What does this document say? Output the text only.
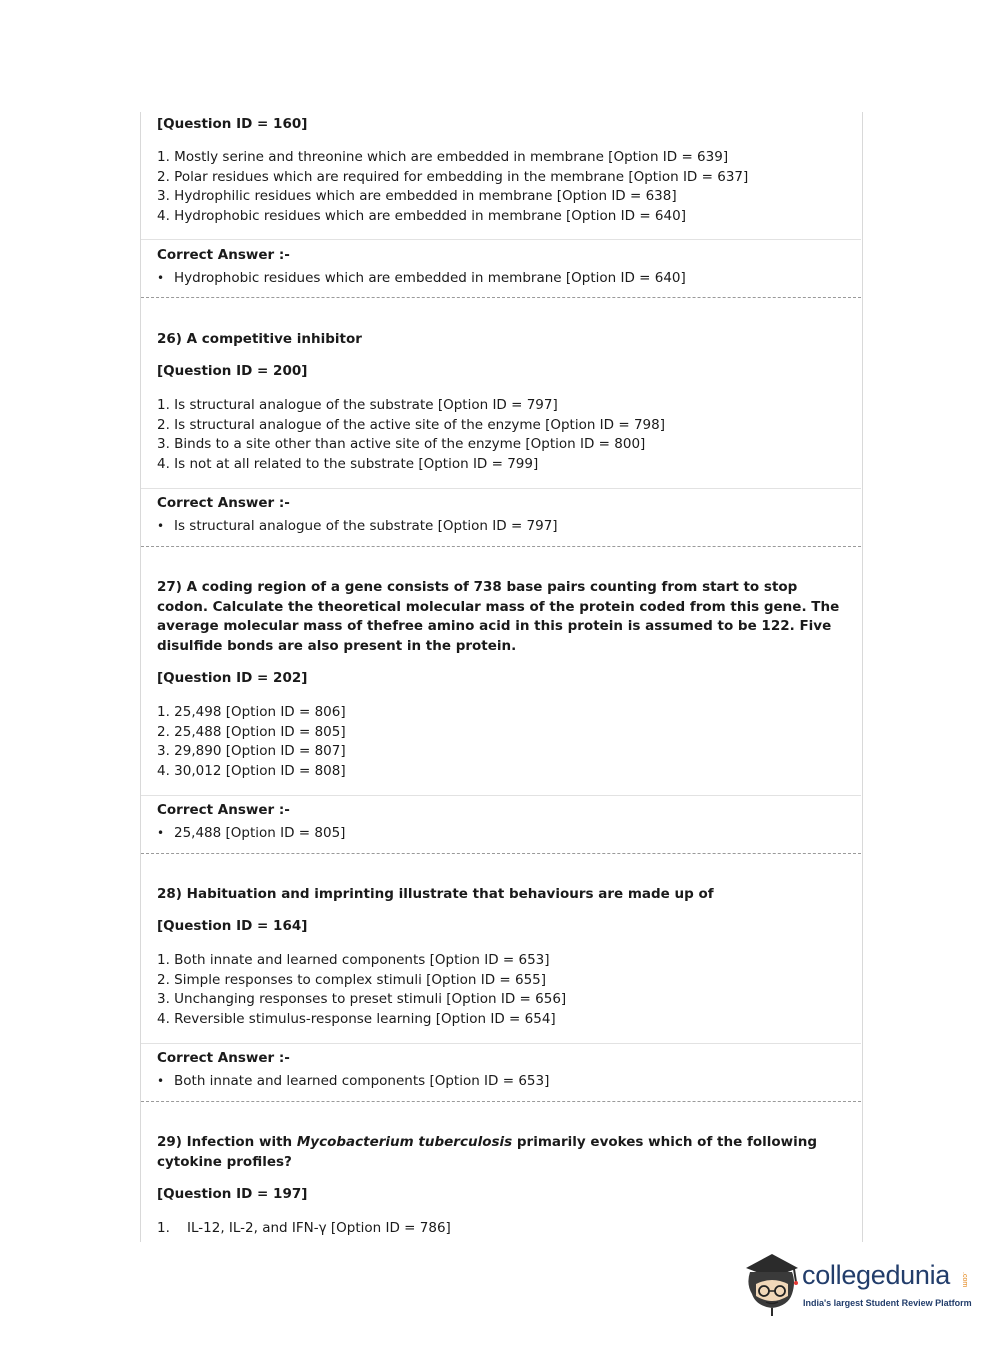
[Question ID = 160]
1. Mostly serine and threonine which are embedded in membrane [Option ID = 639]
2. Polar residues which are required for embedding in the membrane [Option ID = 637]
3. Hydrophilic residues which are embedded in membrane [Option ID = 638]
4. Hydrophobic residues which are embedded in membrane [Option ID = 640]
Correct Answer :-
• Hydrophobic residues which are embedded in membrane [Option ID = 640]
26) A competitive inhibitor
[Question ID = 200]
1. Is structural analogue of the substrate [Option ID = 797]
2. Is structural analogue of the active site of the enzyme [Option ID = 798]
3. Binds to a site other than active site of the enzyme [Option ID = 800]
4. Is not at all related to the substrate [Option ID = 799]
Correct Answer :-
• Is structural analogue of the substrate [Option ID = 797]
27) A coding region of a gene consists of 738 base pairs counting from start to stop codon. Calculate the theoretical molecular mass of the protein coded from this gene. The average molecular mass of thefree amino acid in this protein is assumed to be 122. Five disulfide bonds are also present in the protein.
[Question ID = 202]
1. 25,498 [Option ID = 806]
2. 25,488 [Option ID = 805]
3. 29,890 [Option ID = 807]
4. 30,012 [Option ID = 808]
Correct Answer :-
• 25,488 [Option ID = 805]
28) Habituation and imprinting illustrate that behaviours are made up of
[Question ID = 164]
1. Both innate and learned components [Option ID = 653]
2. Simple responses to complex stimuli [Option ID = 655]
3. Unchanging responses to preset stimuli [Option ID = 656]
4. Reversible stimulus-response learning [Option ID = 654]
Correct Answer :-
• Both innate and learned components [Option ID = 653]
29) Infection with Mycobacterium tuberculosis primarily evokes which of the following cytokine profiles?
[Question ID = 197]
1. IL-12, IL-2, and IFN-γ [Option ID = 786]
collegedunia .com
India's largest Student Review Platform
